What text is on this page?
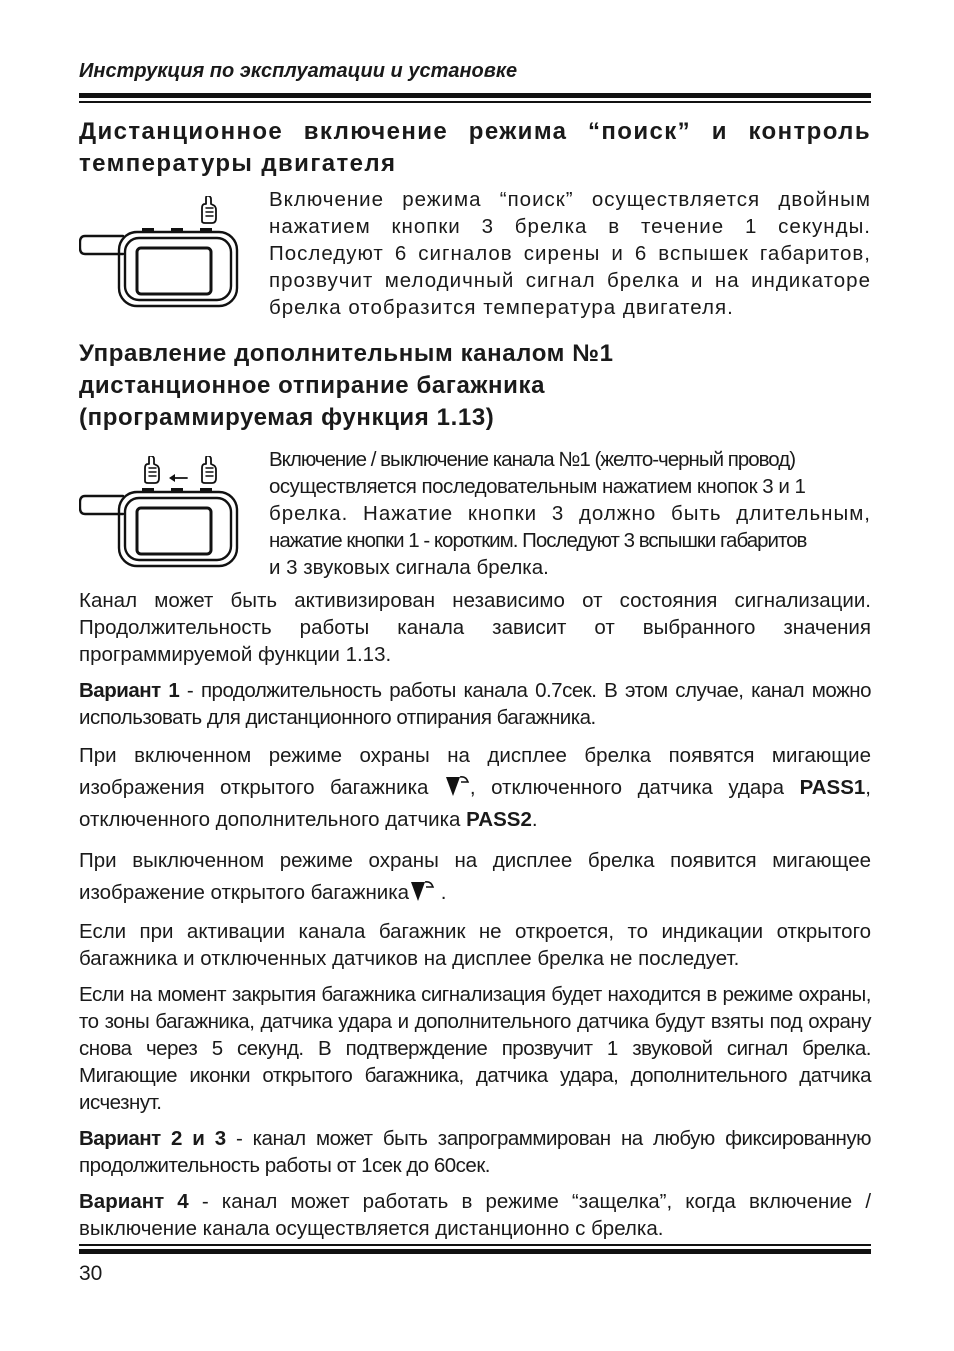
Инструкция по эксплуатации и установке
Дистанционное включение режима “поиск” и контроль температуры двигателя

Включение режима “поиск” осуществляется двойным нажатием кнопки 3 брелка в течение 1 секунды. Последуют 6 сигналов сирены и 6 вспышек габаритов, прозвучит мелодичный сигнал брелка и на индикаторе брелка отобразится температура двигателя.

Управление дополнительным каналом №1
дистанционное отпирание багажника
(программируемая функция 1.13)

Включение / выключение канала №1 (желто-черный провод)

осуществляется последовательным нажатием кнопок 3 и 1

брелка. Нажатие кнопки 3 должно быть длительным,

нажатие кнопки 1 - коротким. Последуют 3 вспышки габаритов

и 3 звуковых сигнала брелка.

Канал может быть активизирован независимо от состояния сигнализации. Продолжительность работы канала зависит от выбранного значения программируемой функции 1.13.

Вариант 1 - продолжительность работы канала 0.7сек. В этом случае, канал можно использовать для дистанционного отпирания багажника.

При включенном режиме охраны на дисплее брелка появятся мигающие изображения открытого багажника , отключенного датчика удара PASS1, отключенного дополнительного датчика PASS2.

При выключенном режиме охраны на дисплее брелка появится мигающее изображение открытого багажника .

Если при активации канала багажник не откроется, то индикации открытого багажника и отключенных датчиков на дисплее брелка не последует.

Если на момент закрытия багажника сигнализация будет находится в режиме охраны, то зоны багажника, датчика удара и дополнительного датчика будут взяты под охрану снова через 5 секунд. В подтверждение прозвучит 1 звуковой сигнал брелка. Мигающие иконки открытого багажника, датчика удара, дополнительного датчика исчезнут.

Вариант 2 и 3 - канал может быть запрограммирован на любую фиксированную продолжительность работы от 1сек до 60сек.

Вариант 4 - канал может работать в режиме “защелка”, когда включение / выключение канала осуществляется дистанционно с брелка.

30
